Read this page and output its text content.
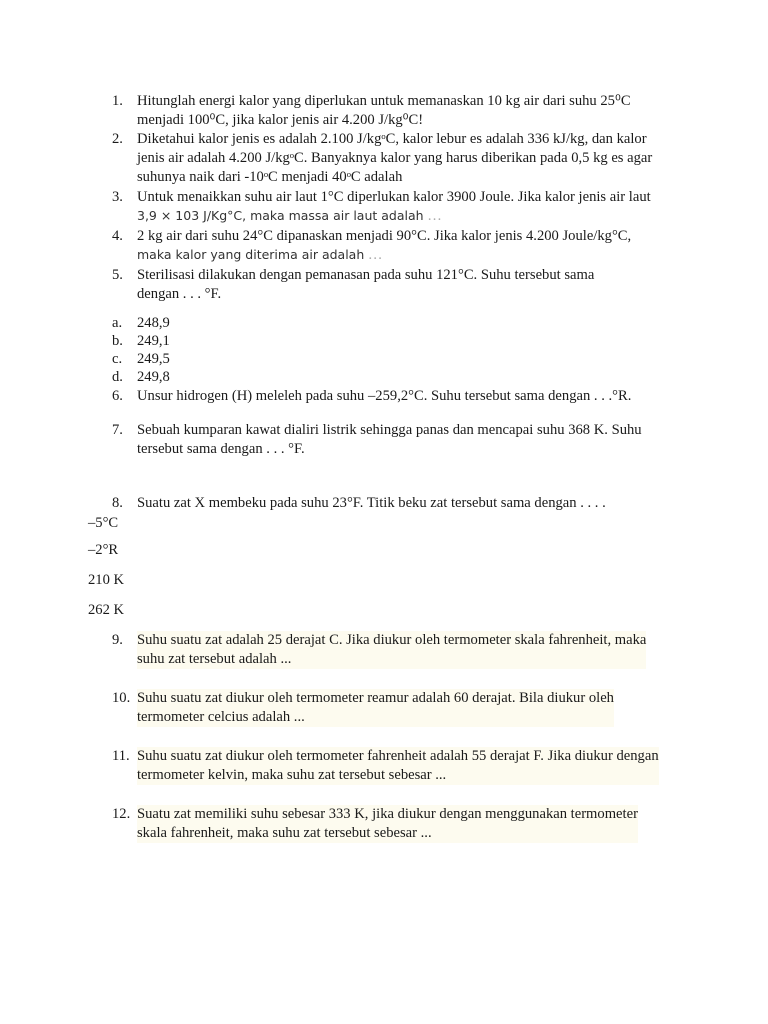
1. Hitunglah energi kalor yang diperlukan untuk memanaskan 10 kg air dari suhu 25⁰C
menjadi 100⁰C, jika kalor jenis air 4.200 J/kg⁰C!
2. Diketahui kalor jenis es adalah 2.100 J/kgᵒC, kalor lebur es adalah 336 kJ/kg, dan kalor
jenis air adalah 4.200 J/kgᵒC. Banyaknya kalor yang harus diberikan pada 0,5 kg es agar
suhunya naik dari -10ᵒC menjadi 40ᵒC adalah
3. Untuk menaikkan suhu air laut 1°C diperlukan kalor 3900 Joule. Jika kalor jenis air laut
3,9 × 103 J/Kg°C, maka massa air laut adalah …
4. 2 kg air dari suhu 24°C dipanaskan menjadi 90°C. Jika kalor jenis 4.200 Joule/kg°C,
maka kalor yang diterima air adalah …
5. Sterilisasi dilakukan dengan pemanasan pada suhu 121°C. Suhu tersebut sama
dengan . . . °F.
a.	248,9
b. 249,1
c.	249,5
d. 249,8
6. Unsur hidrogen (H) meleleh pada suhu –259,2°C. Suhu tersebut sama dengan . . .°R.
7. Sebuah kumparan kawat dialiri listrik sehingga panas dan mencapai suhu 368 K. Suhu
tersebut sama dengan . . . °F.
8. Suatu zat X membeku pada suhu 23°F. Titik beku zat tersebut sama dengan . . . .
–5°C
–2°R
210 K
262 K
9. Suhu suatu zat adalah 25 derajat C. Jika diukur oleh termometer skala fahrenheit, maka
suhu zat tersebut adalah ...
10. Suhu suatu zat diukur oleh termometer reamur adalah 60 derajat. Bila diukur oleh
termometer celcius adalah ...
11. Suhu suatu zat diukur oleh termometer fahrenheit adalah 55 derajat F. Jika diukur dengan
termometer kelvin, maka suhu zat tersebut sebesar ...
12. Suatu zat memiliki suhu sebesar 333 K, jika diukur dengan menggunakan termometer
skala fahrenheit, maka suhu zat tersebut sebesar ...
